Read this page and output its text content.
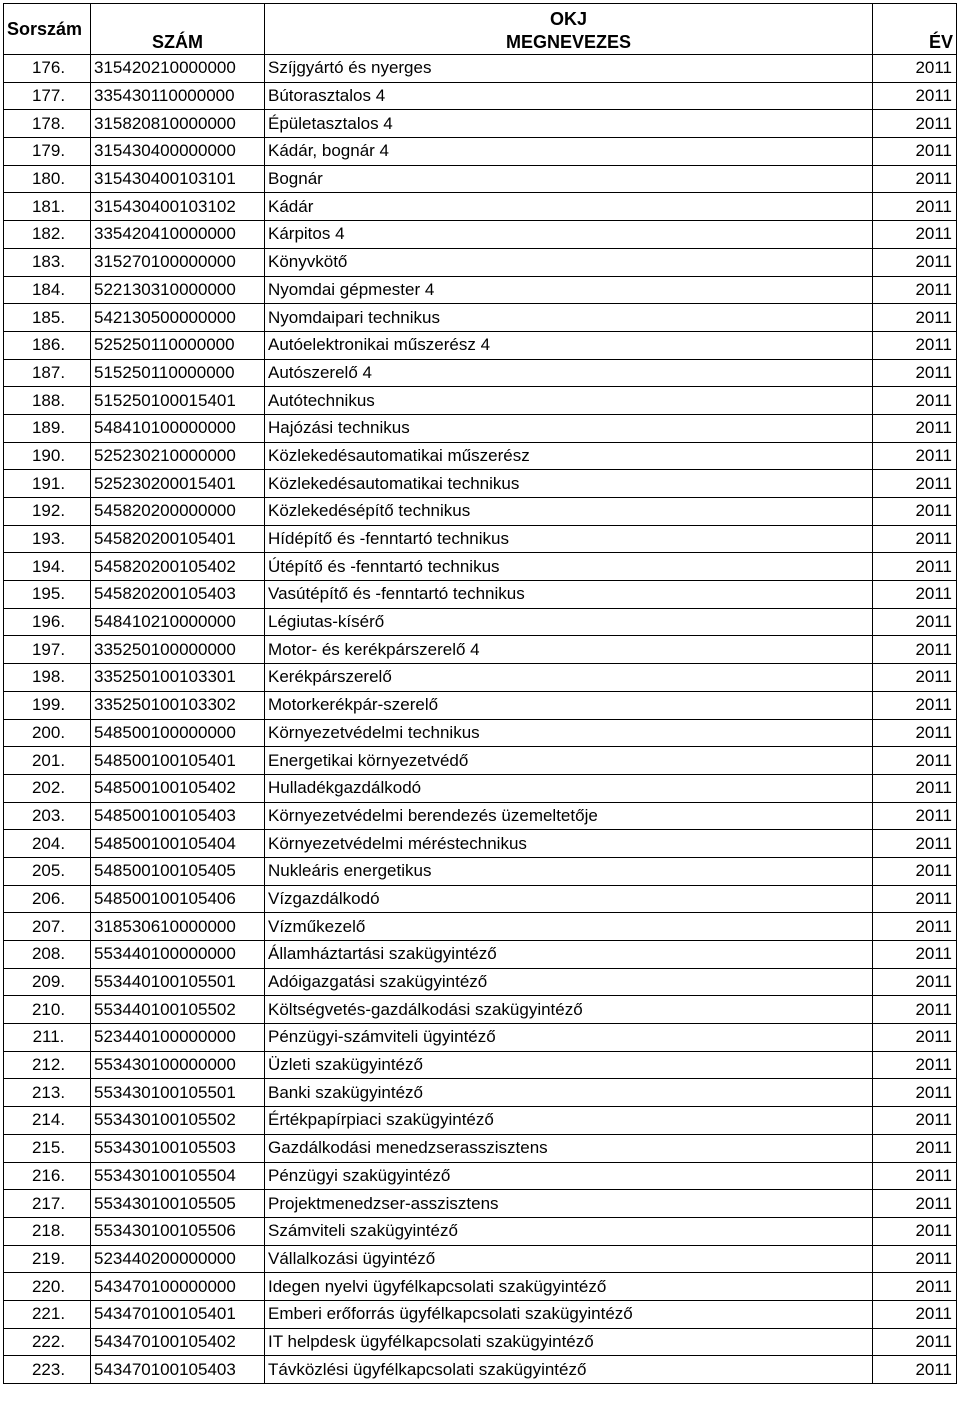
Sorszám		OKJ	
	SZÁM	MEGNEVEZES	ÉV
176.	315420210000000	Szíjgyártó és nyerges	2011
177.	335430110000000	Bútorasztalos 4	2011
178.	315820810000000	Épületasztalos 4	2011
179.	315430400000000	Kádár, bognár 4	2011
180.	315430400103101	Bognár	2011
181.	315430400103102	Kádár	2011
182.	335420410000000	Kárpitos 4	2011
183.	315270100000000	Könyvkötő	2011
184.	522130310000000	Nyomdai gépmester 4	2011
185.	542130500000000	Nyomdaipari technikus	2011
186.	525250110000000	Autóelektronikai műszerész 4	2011
187.	515250110000000	Autószerelő 4	2011
188.	515250100015401	Autótechnikus	2011
189.	548410100000000	Hajózási technikus	2011
190.	525230210000000	Közlekedésautomatikai műszerész	2011
191.	525230200015401	Közlekedésautomatikai technikus	2011
192.	545820200000000	Közlekedésépítő technikus	2011
193.	545820200105401	Hídépítő és -fenntartó technikus	2011
194.	545820200105402	Útépítő és -fenntartó technikus	2011
195.	545820200105403	Vasútépítő és -fenntartó technikus	2011
196.	548410210000000	Légiutas-kísérő	2011
197.	335250100000000	Motor- és kerékpárszerelő 4	2011
198.	335250100103301	Kerékpárszerelő	2011
199.	335250100103302	Motorkerékpár-szerelő	2011
200.	548500100000000	Környezetvédelmi technikus	2011
201.	548500100105401	Energetikai környezetvédő	2011
202.	548500100105402	Hulladékgazdálkodó	2011
203.	548500100105403	Környezetvédelmi berendezés üzemeltetője	2011
204.	548500100105404	Környezetvédelmi méréstechnikus	2011
205.	548500100105405	Nukleáris energetikus	2011
206.	548500100105406	Vízgazdálkodó	2011
207.	318530610000000	Vízműkezelő	2011
208.	553440100000000	Államháztartási szakügyintéző	2011
209.	553440100105501	Adóigazgatási szakügyintéző	2011
210.	553440100105502	Költségvetés-gazdálkodási szakügyintéző	2011
211.	523440100000000	Pénzügyi-számviteli ügyintéző	2011
212.	553430100000000	Üzleti szakügyintéző	2011
213.	553430100105501	Banki szakügyintéző	2011
214.	553430100105502	Értékpapírpiaci szakügyintéző	2011
215.	553430100105503	Gazdálkodási menedzserasszisztens	2011
216.	553430100105504	Pénzügyi szakügyintéző	2011
217.	553430100105505	Projektmenedzser-asszisztens	2011
218.	553430100105506	Számviteli szakügyintéző	2011
219.	523440200000000	Vállalkozási ügyintéző	2011
220.	543470100000000	Idegen nyelvi ügyfélkapcsolati szakügyintéző	2011
221.	543470100105401	Emberi erőforrás ügyfélkapcsolati szakügyintéző	2011
222.	543470100105402	IT helpdesk ügyfélkapcsolati szakügyintéző	2011
223.	543470100105403	Távközlési ügyfélkapcsolati szakügyintéző	2011
